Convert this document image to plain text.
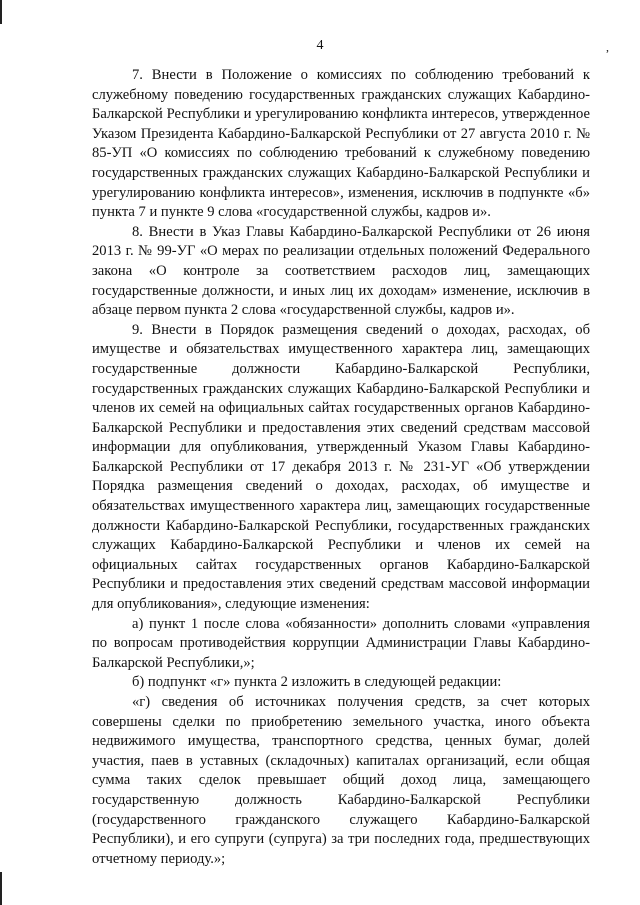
,
4

7. Внести в Положение о комиссиях по соблюдению требований к служебному поведению государственных гражданских служащих Кабардино-Балкарской Республики и урегулированию конфликта интересов, утвержденное Указом Президента Кабардино-Балкарской Республики от 27 августа 2010 г. № 85-УП «О комиссиях по соблюдению требований к служебному поведению государственных гражданских служащих Кабардино-Балкарской Республики и урегулированию конфликта интересов», изменения, исключив в подпункте «б» пункта 7 и пункте 9 слова «государственной службы, кадров и».

8. Внести в Указ Главы Кабардино-Балкарской Республики от 26 июня 2013 г. № 99-УГ «О мерах по реализации отдельных положений Федерального закона «О контроле за соответствием расходов лиц, замещающих государственные должности, и иных лиц их доходам» изменение, исключив в абзаце первом пункта 2 слова «государственной службы, кадров и».

9. Внести в Порядок размещения сведений о доходах, расходах, об имуществе и обязательствах имущественного характера лиц, замещающих государственные должности Кабардино-Балкарской Республики, государственных гражданских служащих Кабардино-Балкарской Республики и членов их семей на официальных сайтах государственных органов Кабардино-Балкарской Республики и предоставления этих сведений средствам массовой информации для опубликования, утвержденный Указом Главы Кабардино-Балкарской Республики от 17 декабря 2013 г. № 231-УГ «Об утверждении Порядка размещения сведений о доходах, расходах, об имуществе и обязательствах имущественного характера лиц, замещающих государственные должности Кабардино-Балкарской Республики, государственных гражданских служащих Кабардино-Балкарской Республики и членов их семей на официальных сайтах государственных органов Кабардино-Балкарской Республики и предоставления этих сведений средствам массовой информации для опубликования», следующие изменения:

а) пункт 1 после слова «обязанности» дополнить словами «управления по вопросам противодействия коррупции Администрации Главы Кабардино-Балкарской Республики,»;

б) подпункт «г» пункта 2 изложить в следующей редакции:

«г) сведения об источниках получения средств, за счет которых совершены сделки по приобретению земельного участка, иного объекта недвижимого имущества, транспортного средства, ценных бумаг, долей участия, паев в уставных (складочных) капиталах организаций, если общая сумма таких сделок превышает общий доход лица, замещающего государственную должность Кабардино-Балкарской Республики (государственного гражданского служащего Кабардино-Балкарской Республики), и его супруги (супруга) за три последних года, предшествующих отчетному периоду.»;
